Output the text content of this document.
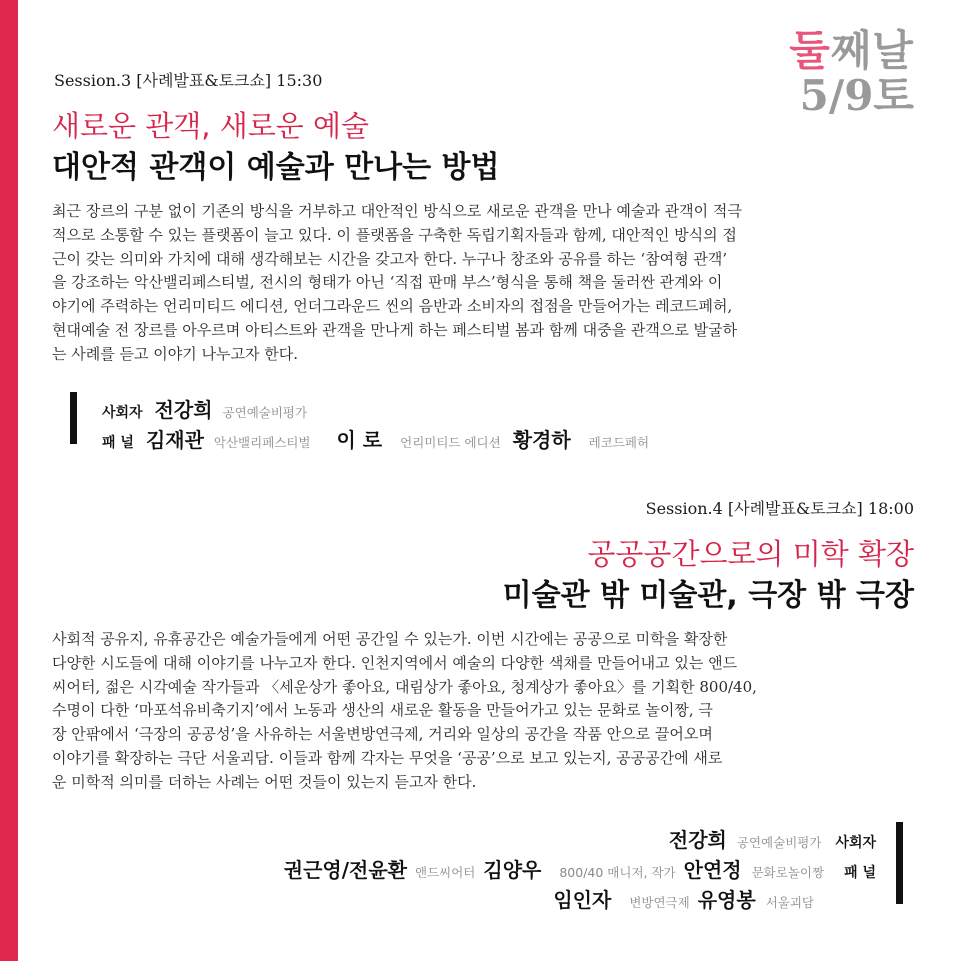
둘째날
5/9토
Session.3 [사례발표&토크쇼] 15:30
새로운 관객, 새로운 예술
대안적 관객이 예술과 만나는 방법
최근 장르의 구분 없이 기존의 방식을 거부하고 대안적인 방식으로 새로운 관객을 만나 예술과 관객이 적극
적으로 소통할 수 있는 플랫폼이 늘고 있다. 이 플랫폼을 구축한 독립기획자들과 함께, 대안적인 방식의 접
근이 갖는 의미와 가치에 대해 생각해보는 시간을 갖고자 한다. 누구나 창조와 공유를 하는 ‘참여형 관객’
을 강조하는 악산밸리페스티벌, 전시의 형태가 아닌 ‘직접 판매 부스’형식을 통해 책을 둘러싼 관계와 이
야기에 주력하는 언리미티드 에디션, 언더그라운드 씬의 음반과 소비자의 접점을 만들어가는 레코드페허,
현대예술 전 장르를 아우르며 아티스트와 관객을 만나게 하는 페스티벌 봄과 함께 대중을 관객으로 발굴하
는 사례를 듣고 이야기 나누고자 한다.
사회자 전강희 공연예술비평가
패 널 김재관 악산밸리페스티벌 이 로 언리미티드 에디션 황경하 레코드페허
Session.4 [사례발표&토크쇼] 18:00
공공공간으로의 미학 확장
미술관 밖 미술관, 극장 밖 극장
사회적 공유지, 유휴공간은 예술가들에게 어떤 공간일 수 있는가. 이번 시간에는 공공으로 미학을 확장한
다양한 시도들에 대해 이야기를 나누고자 한다. 인천지역에서 예술의 다양한 색채를 만들어내고 있는 앤드
씨어터, 젊은 시각예술 작가들과 〈세운상가 좋아요, 대림상가 좋아요, 청계상가 좋아요〉를 기획한 800/40,
수명이 다한 ‘마포석유비축기지’에서 노동과 생산의 새로운 활동을 만들어가고 있는 문화로 놀이짱, 극
장 안팎에서 ‘극장의 공공성’을 사유하는 서울변방연극제, 거리와 일상의 공간을 작품 안으로 끌어오며
이야기를 확장하는 극단 서울괴담. 이들과 함께 각자는 무엇을 ‘공공’으로 보고 있는지, 공공공간에 새로
운 미학적 의미를 더하는 사례는 어떤 것들이 있는지 듣고자 한다.
전강희 공연예술비평가 사회자
권근영/전윤환 앤드씨어터 김양우 800/40 매니저, 작가 안연정 문화로놀이짱 패 널
임인자 변방연극제 유영봉 서울괴담
